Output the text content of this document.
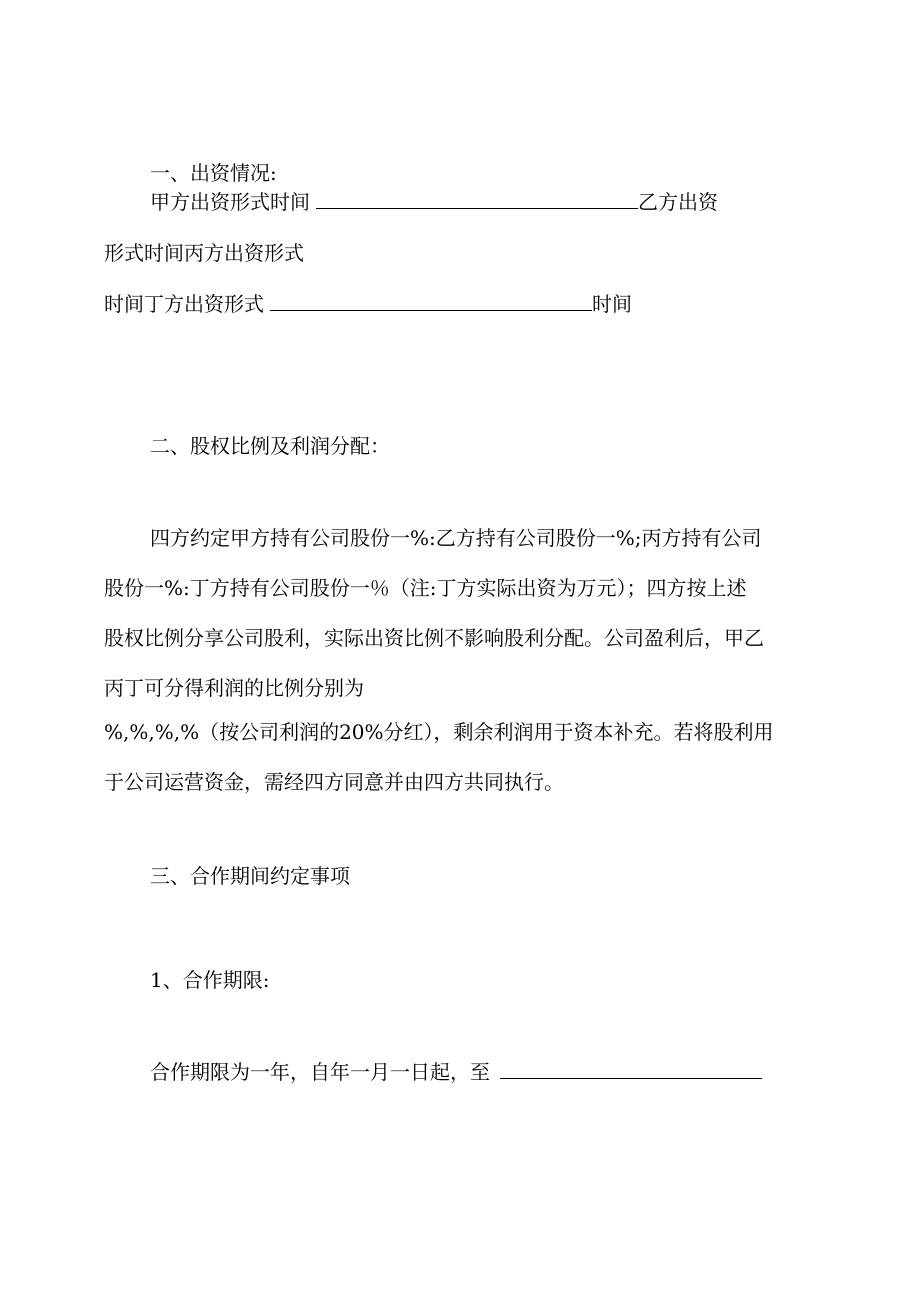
一、出资情况:

甲方出资形式时间	乙方出资

形式时间丙方出资形式

时间丁方出资形式	时间

二、股权比例及利润分配：

四方约定甲方持有公司股份一%:乙方持有公司股份一%;丙方持有公司

股份一%:丁方持有公司股份一％（注:丁方实际出资为万元）；四方按上述

股权比例分享公司股利，实际出资比例不影响股利分配。公司盈利后，甲乙

丙丁可分得利润的比例分别为

%,%,%,%（按公司利润的20%分红），剩余利润用于资本补充。若将股利用

于公司运营资金，需经四方同意并由四方共同执行。

三、合作期间约定事项

1、合作期限:

合作期限为一年，自年一月一日起，至
